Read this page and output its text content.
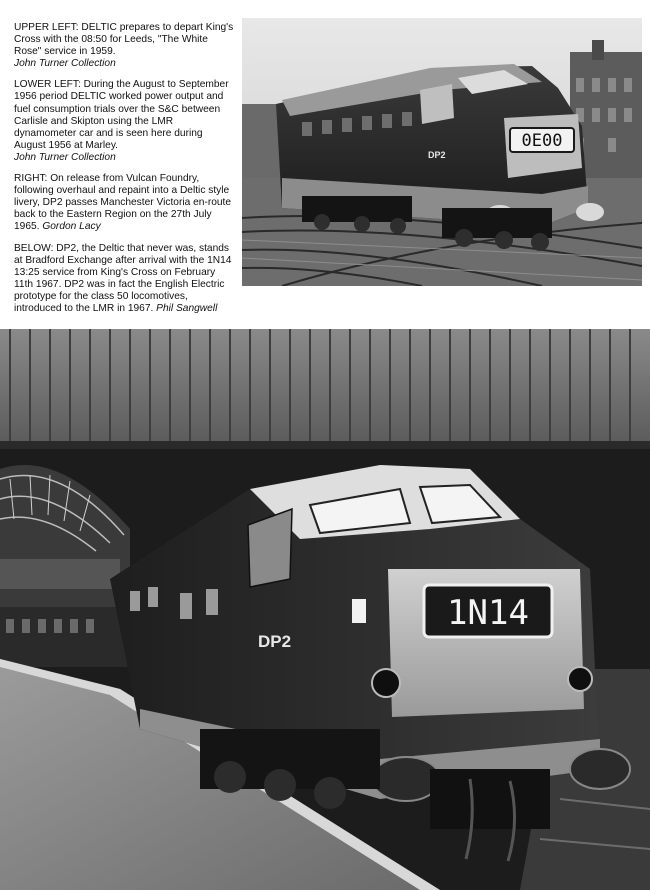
UPPER LEFT: DELTIC prepares to depart King's Cross with the 08:50 for Leeds, "The White Rose" service in 1959.
John Turner Collection

LOWER LEFT: During the August to September 1956 period DELTIC worked power output and fuel consumption trials over the S&C between Carlisle and Skipton using the LMR dynamometer car and is seen here during August 1956 at Marley.
John Turner Collection

RIGHT: On release from Vulcan Foundry, following overhaul and repaint into a Deltic style livery, DP2 passes Manchester Victoria en-route back to the Eastern Region on the 27th July 1965. Gordon Lacy

BELOW: DP2, the Deltic that never was, stands at Bradford Exchange after arrival with the 1N14 13:25 service from King's Cross on February 11th 1967. DP2 was in fact the English Electric prototype for the class 50 locomotives, introduced to the LMR in 1967. Phil Sangwell

0E00
DP2
1N14
DP2
